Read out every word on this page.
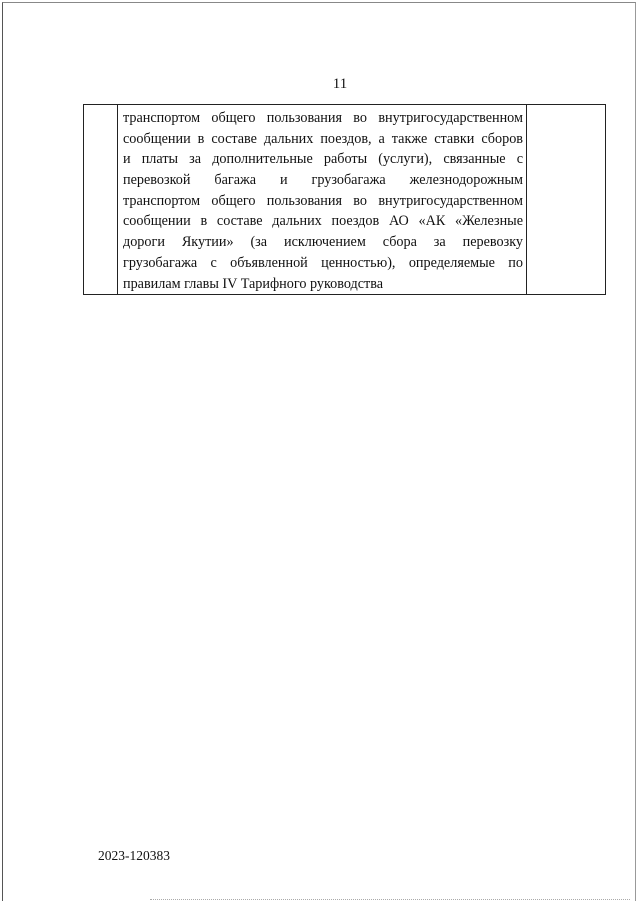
11

транспортом общего пользования во внутригосударственном
сообщении в составе дальних поездов, а также ставки сборов
и платы за дополнительные работы (услуги), связанные с
перевозкой багажа и грузобагажа железнодорожным
транспортом общего пользования во внутригосударственном
сообщении в составе дальних поездов АО «АК «Железные
дороги Якутии» (за исключением сбора за перевозку
грузобагажа с объявленной ценностью), определяемые по
правилам главы IV Тарифного руководства

2023-120383
